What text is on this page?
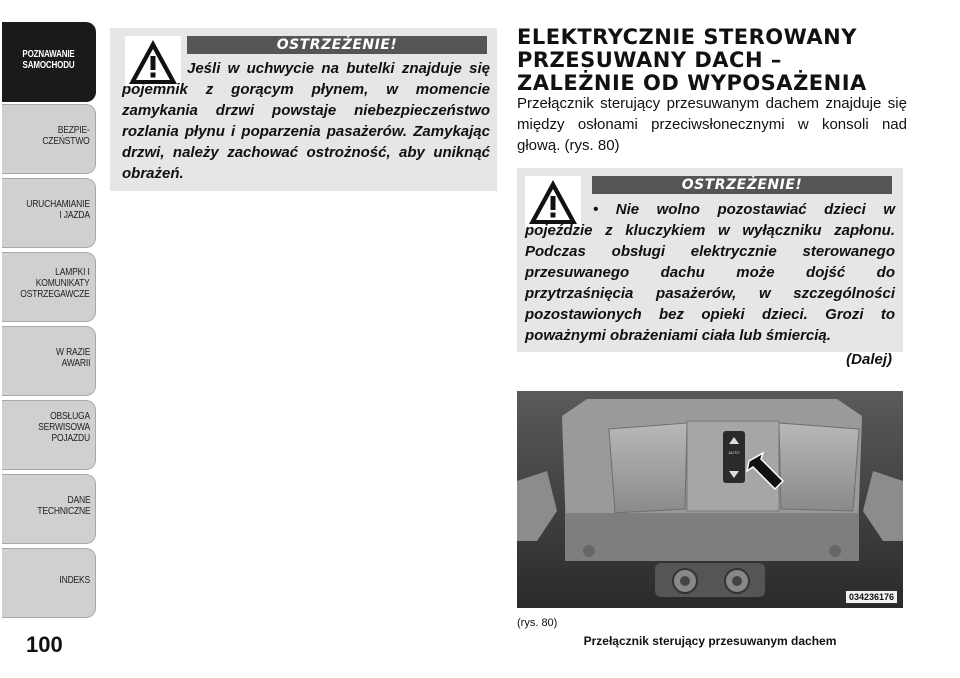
POZNAWANIE
SAMOCHODU
BEZPIE-
CZEŃSTWO
URUCHAMIANIE
I JAZDA
LAMPKI I
KOMUNIKATY
OSTRZEGAWCZE
W RAZIE
AWARII
OBSŁUGA
SERWISOWA
POJAZDU
DANE
TECHNICZNE
INDEKS
100
OSTRZEŻENIE!
Jeśli w uchwycie na butelki znajduje się pojemnik z gorącym płynem, w momencie zamykania drzwi powstaje niebezpieczeństwo rozlania płynu i poparzenia pasażerów. Zamykając drzwi, należy zachować ostrożność, aby uniknąć obrażeń.
ELEKTRYCZNIE STEROWANY PRZESUWANY DACH – ZALEŻNIE OD WYPOSAŻENIA
Przełącznik sterujący przesuwanym dachem znajduje się między osłonami przeciwsłonecznymi w konsoli nad głową. (rys. 80)
OSTRZEŻENIE!
• Nie wolno pozostawiać dzieci w pojeździe z kluczykiem w wyłączniku zapłonu. Podczas obsługi elektrycznie sterowanego przesuwanego dachu może dojść do przytrzaśnięcia pasażerów, w szczególności pozostawionych bez opieki dzieci. Grozi to poważnymi obrażeniami ciała lub śmiercią.
(Dalej)
AUTO
034236176
(rys. 80)
Przełącznik sterujący przesuwanym dachem
